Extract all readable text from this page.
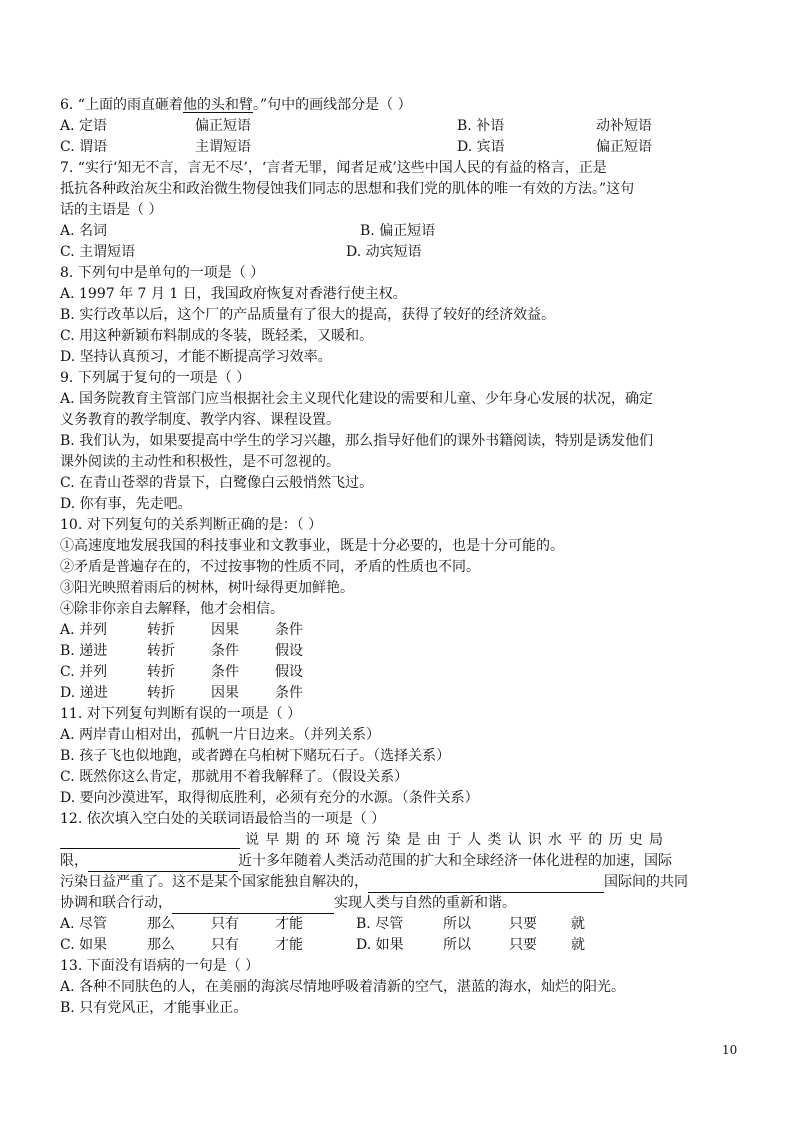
6. “上面的雨直砸着他的头和臂。”句中的画线部分是（ ）
A. 定语	偏正短语	B. 补语	动补短语
C. 谓语	主谓短语	D. 宾语	偏正短语
7. “实行‘知无不言，言无不尽’，‘言者无罪，闻者足戒’这些中国人民的有益的格言，正是
抵抗各种政治灰尘和政治微生物侵蚀我们同志的思想和我们党的肌体的唯一有效的方法。”这句
话的主语是（ ）
A. 名词	B. 偏正短语
C. 主谓短语	D. 动宾短语
8. 下列句中是单句的一项是（ ）
A. 1997 年 7 月 1 日，我国政府恢复对香港行使主权。
B. 实行改革以后，这个厂的产品质量有了很大的提高，获得了较好的经济效益。
C. 用这种新颖布料制成的冬装，既轻柔，又暖和。
D. 坚持认真预习，才能不断提高学习效率。
9. 下列属于复句的一项是（ ）
A. 国务院教育主管部门应当根据社会主义现代化建设的需要和儿童、少年身心发展的状况，确定
义务教育的教学制度、教学内容、课程设置。
B. 我们认为，如果要提高中学生的学习兴趣，那么指导好他们的课外书籍阅读，特别是诱发他们
课外阅读的主动性和积极性，是不可忽视的。
C. 在青山苍翠的背景下，白鹭像白云般悄然飞过。
D. 你有事，先走吧。
10. 对下列复句的关系判断正确的是：（ ）
①高速度地发展我国的科技事业和文教事业，既是十分必要的，也是十分可能的。
②矛盾是普遍存在的，不过按事物的性质不同，矛盾的性质也不同。
③阳光映照着雨后的树林，树叶绿得更加鲜艳。
④除非你亲自去解释，他才会相信。
A. 并列	转折	因果	条件
B. 递进	转折	条件	假设
C. 并列	转折	条件	假设
D. 递进	转折	因果	条件
11. 对下列复句判断有误的一项是（ ）
A. 两岸青山相对出，孤帆一片日边来。（并列关系）
B. 孩子飞也似地跑，或者蹲在乌桕树下赌玩石子。（选择关系）
C. 既然你这么肯定，那就用不着我解释了。（假设关系）
D. 要向沙漠进军，取得彻底胜利，必须有充分的水源。（条件关系）
12. 依次填入空白处的关联词语最恰当的一项是（ ）
说早期的环境污染是由于人类认识水平的历史局
限，	近十多年随着人类活动范围的扩大和全球经济一体化进程的加速，国际
污染日益严重了。这不是某个国家能独自解决的，	国际间的共同
协调和联合行动，	实现人类与自然的重新和谐。
A. 尽管	那么	只有	才能	B. 尽管	所以	只要 就
C. 如果	那么	只有	才能	D. 如果	所以	只要 就
13. 下面没有语病的一句是（ ）
A. 各种不同肤色的人，在美丽的海滨尽情地呼吸着清新的空气，湛蓝的海水，灿烂的阳光。
B. 只有党风正，才能事业正。
10
